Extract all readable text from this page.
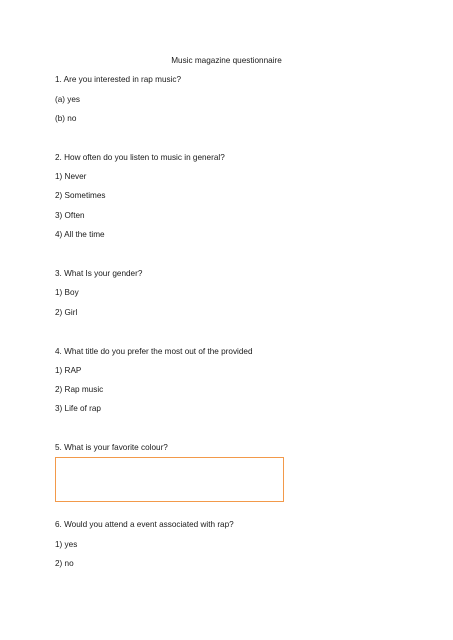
Music magazine questionnaire
1. Are you interested in rap music?
(a) yes
(b) no
2. How often do you listen to music in general?
1) Never
2) Sometimes
3) Often
4) All the time
3. What Is your gender?
1) Boy
2) Girl
4. What title do you prefer the most out of the provided
1) RAP
2) Rap music
3) Life of rap
5. What is your favorite colour?
6. Would you attend a event associated with rap?
1) yes
2) no
